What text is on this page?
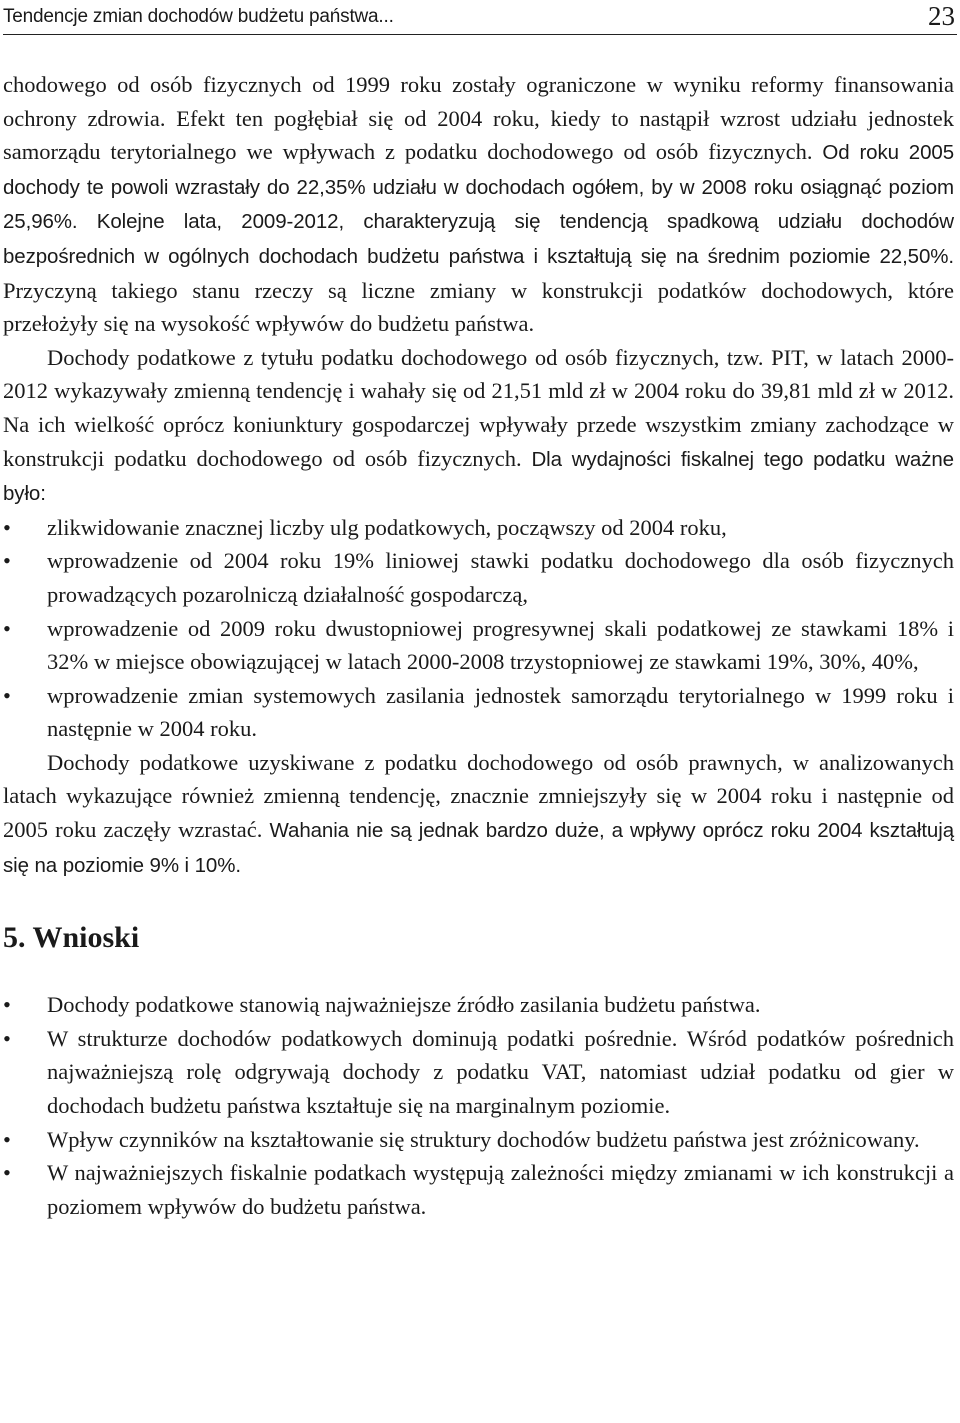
Tendencje zmian dochodów budżetu państwa...	23

chodowego od osób fizycznych od 1999 roku zostały ograniczone w wyniku reformy finansowania ochrony zdrowia. Efekt ten pogłębiał się od 2004 roku, kiedy to nastąpił wzrost udziału jednostek samorządu terytorialnego we wpływach z podatku dochodowego od osób fizycznych. Od roku 2005 dochody te powoli wzrastały do 22,35% udziału w dochodach ogółem, by w 2008 roku osiągnąć poziom 25,96%. Kolejne lata, 2009-2012, charakteryzują się tendencją spadkową udziału dochodów bezpośrednich w ogólnych dochodach budżetu państwa i kształtują się na średnim poziomie 22,50%. Przyczyną takiego stanu rzeczy są liczne zmiany w konstrukcji podatków dochodowych, które przełożyły się na wysokość wpływów do budżetu państwa.

Dochody podatkowe z tytułu podatku dochodowego od osób fizycznych, tzw. PIT, w latach 2000-2012 wykazywały zmienną tendencję i wahały się od 21,51 mld zł w 2004 roku do 39,81 mld zł w 2012. Na ich wielkość oprócz koniunktury gospodarczej wpływały przede wszystkim zmiany zachodzące w konstrukcji podatku dochodowego od osób fizycznych. Dla wydajności fiskalnej tego podatku ważne było:

•	zlikwidowanie znacznej liczby ulg podatkowych, począwszy od 2004 roku,
•	wprowadzenie od 2004 roku 19% liniowej stawki podatku dochodowego dla osób fizycznych prowadzących pozarolniczą działalność gospodarczą,
•	wprowadzenie od 2009 roku dwustopniowej progresywnej skali podatkowej ze stawkami 18% i 32% w miejsce obowiązującej w latach 2000-2008 trzystopniowej ze stawkami 19%, 30%, 40%,
•	wprowadzenie zmian systemowych zasilania jednostek samorządu terytorialnego w 1999 roku i następnie w 2004 roku.

Dochody podatkowe uzyskiwane z podatku dochodowego od osób prawnych, w analizowanych latach wykazujące również zmienną tendencję, znacznie zmniejszyły się w 2004 roku i następnie od 2005 roku zaczęły wzrastać. Wahania nie są jednak bardzo duże, a wpływy oprócz roku 2004 kształtują się na poziomie 9% i 10%.

5. Wnioski
•	Dochody podatkowe stanowią najważniejsze źródło zasilania budżetu państwa.
•	W strukturze dochodów podatkowych dominują podatki pośrednie. Wśród podatków pośrednich najważniejszą rolę odgrywają dochody z podatku VAT, natomiast udział podatku od gier w dochodach budżetu państwa kształtuje się na marginalnym poziomie.
•	Wpływ czynników na kształtowanie się struktury dochodów budżetu państwa jest zróżnicowany.
•	W najważniejszych fiskalnie podatkach występują zależności między zmianami w ich konstrukcji a poziomem wpływów do budżetu państwa.
